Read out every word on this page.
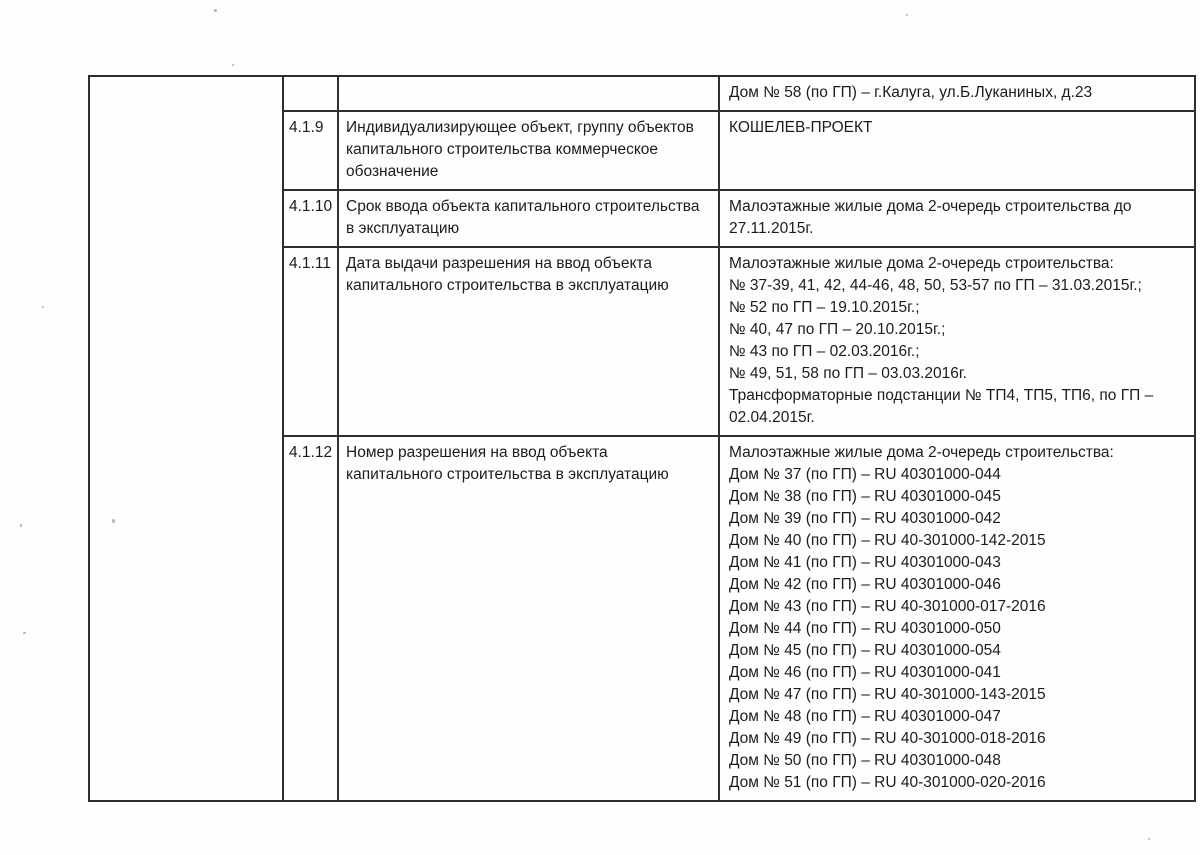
Дом № 58 (по ГП) – г.Калуга, ул.Б.Луканиных, д.23
4.1.9	Индивидуализирующее объект, группу объектов
капитального строительства коммерческое
обозначение
КОШЕЛЕВ-ПРОЕКТ
4.1.10 Срок ввода объекта капитального строительства
в эксплуатацию
Малоэтажные жилые дома 2-очередь строительства до
27.11.2015г.
4.1.11 Дата выдачи разрешения на ввод объекта
капитального строительства в эксплуатацию
Малоэтажные жилые дома 2-очередь строительства:
№ 37-39, 41, 42, 44-46, 48, 50, 53-57 по ГП – 31.03.2015г.;
№ 52 по ГП – 19.10.2015г.;
№ 40, 47 по ГП – 20.10.2015г.;
№ 43 по ГП – 02.03.2016г.;
№ 49, 51, 58 по ГП – 03.03.2016г.
Трансформаторные подстанции № ТП4, ТП5, ТП6, по ГП –
02.04.2015г.
4.1.12 Номер разрешения на ввод объекта
капитального строительства в эксплуатацию
Малоэтажные жилые дома 2-очередь строительства:
Дом № 37 (по ГП) – RU 40301000-044
Дом № 38 (по ГП) – RU 40301000-045
Дом № 39 (по ГП) – RU 40301000-042
Дом № 40 (по ГП) – RU 40-301000-142-2015
Дом № 41 (по ГП) – RU 40301000-043
Дом № 42 (по ГП) – RU 40301000-046
Дом № 43 (по ГП) – RU 40-301000-017-2016
Дом № 44 (по ГП) – RU 40301000-050
Дом № 45 (по ГП) – RU 40301000-054
Дом № 46 (по ГП) – RU 40301000-041
Дом № 47 (по ГП) – RU 40-301000-143-2015
Дом № 48 (по ГП) – RU 40301000-047
Дом № 49 (по ГП) – RU 40-301000-018-2016
Дом № 50 (по ГП) – RU 40301000-048
Дом № 51 (по ГП) – RU 40-301000-020-2016
